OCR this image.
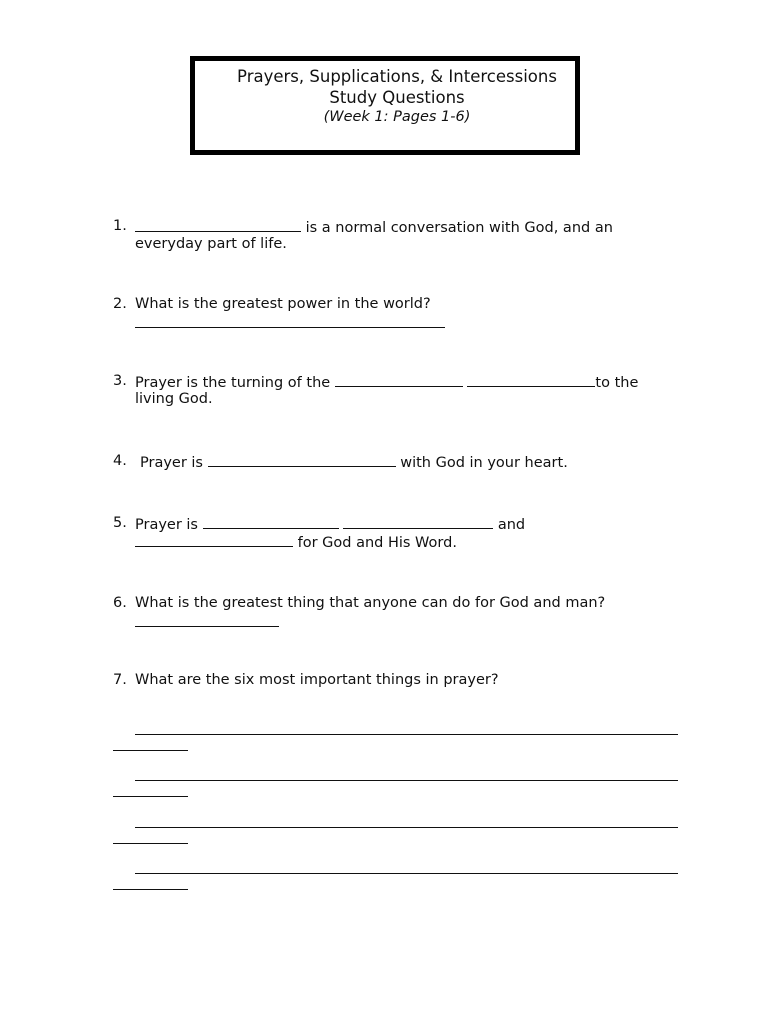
Prayers, Supplications, & Intercessions
Study Questions
(Week 1: Pages 1-6)
1.	is a normal conversation with God, and an
everyday part of life.
2. What is the greatest power in the world?
3. Prayer is the turning of the	to the
living God.
4. Prayer is	with God in your heart.
5. Prayer is	and
for God and His Word.
6. What is the greatest thing that anyone can do for God and man?
7. What are the six most important things in prayer?
